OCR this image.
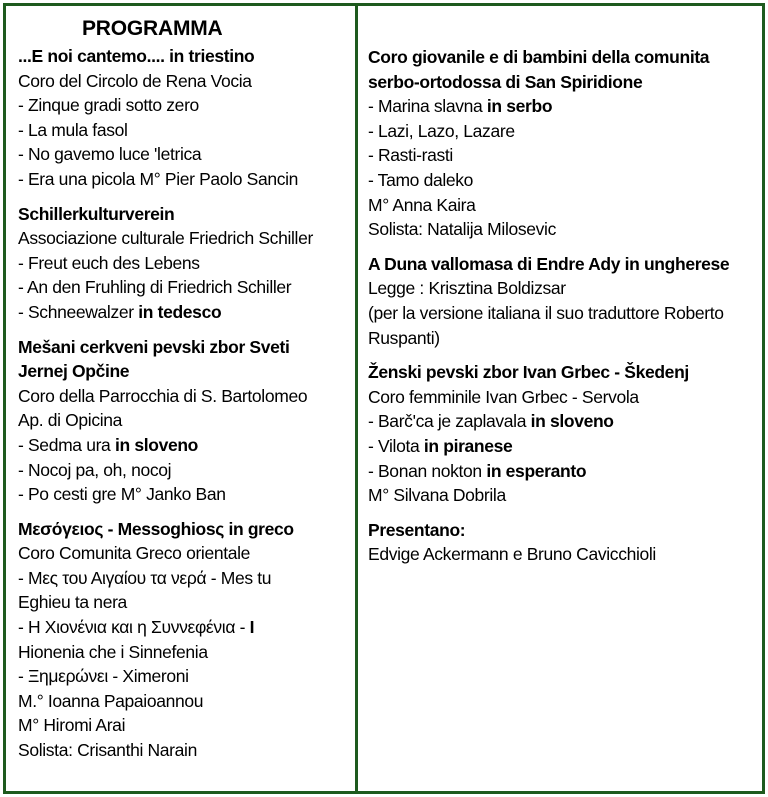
PROGRAMMA
...E noi cantemo.... in triestino
Coro del Circolo de Rena Vocia
- Zinque gradi sotto zero
- La mula fasol
- No gavemo luce 'letrica
- Era una picola M° Pier Paolo Sancin
Schillerkulturverein
Associazione culturale Friedrich Schiller
- Freut euch des Lebens
- An den Fruhling di Friedrich Schiller
- Schneewalzer in tedesco
Mešani cerkveni pevski zbor Sveti
Jernej Opčine
Coro della Parrocchia di S. Bartolomeo
Ap. di Opicina
- Sedma ura in sloveno
- Nocoj pa, oh, nocoj
- Po cesti gre M° Janko Ban
Μεσόγειος - Messoghiosς in greco
Coro Comunita Greco orientale
- Μες του Αιγαίου τα νερά - Mes tu
Eghieu ta nera
- Η Χιονένια και η Συννεφένια - I
Hionenia che i Sinnefenia
- Ξημερώνει - Ximeroni
M.° Ioanna Papaioannou
M° Hiromi Arai
Solista: Crisanthi Narain
Coro giovanile e di bambini della comunita
serbo-ortodossa di San Spiridione
- Marina slavna in serbo
- Lazi, Lazo, Lazare
- Rasti-rasti
- Tamo daleko
M° Anna Kaira
Solista: Natalija Milosevic
A Duna vallomasa di Endre Ady in ungherese
Legge : Krisztina Boldizsar
(per la versione italiana il suo traduttore Roberto
Ruspanti)
Ženski pevski zbor Ivan Grbec - Škedenj
Coro femminile Ivan Grbec - Servola
- Barč'ca je zaplavala in sloveno
- Vilota in piranese
- Bonan nokton in esperanto
M° Silvana Dobrila
Presentano:
Edvige Ackermann e Bruno Cavicchioli
